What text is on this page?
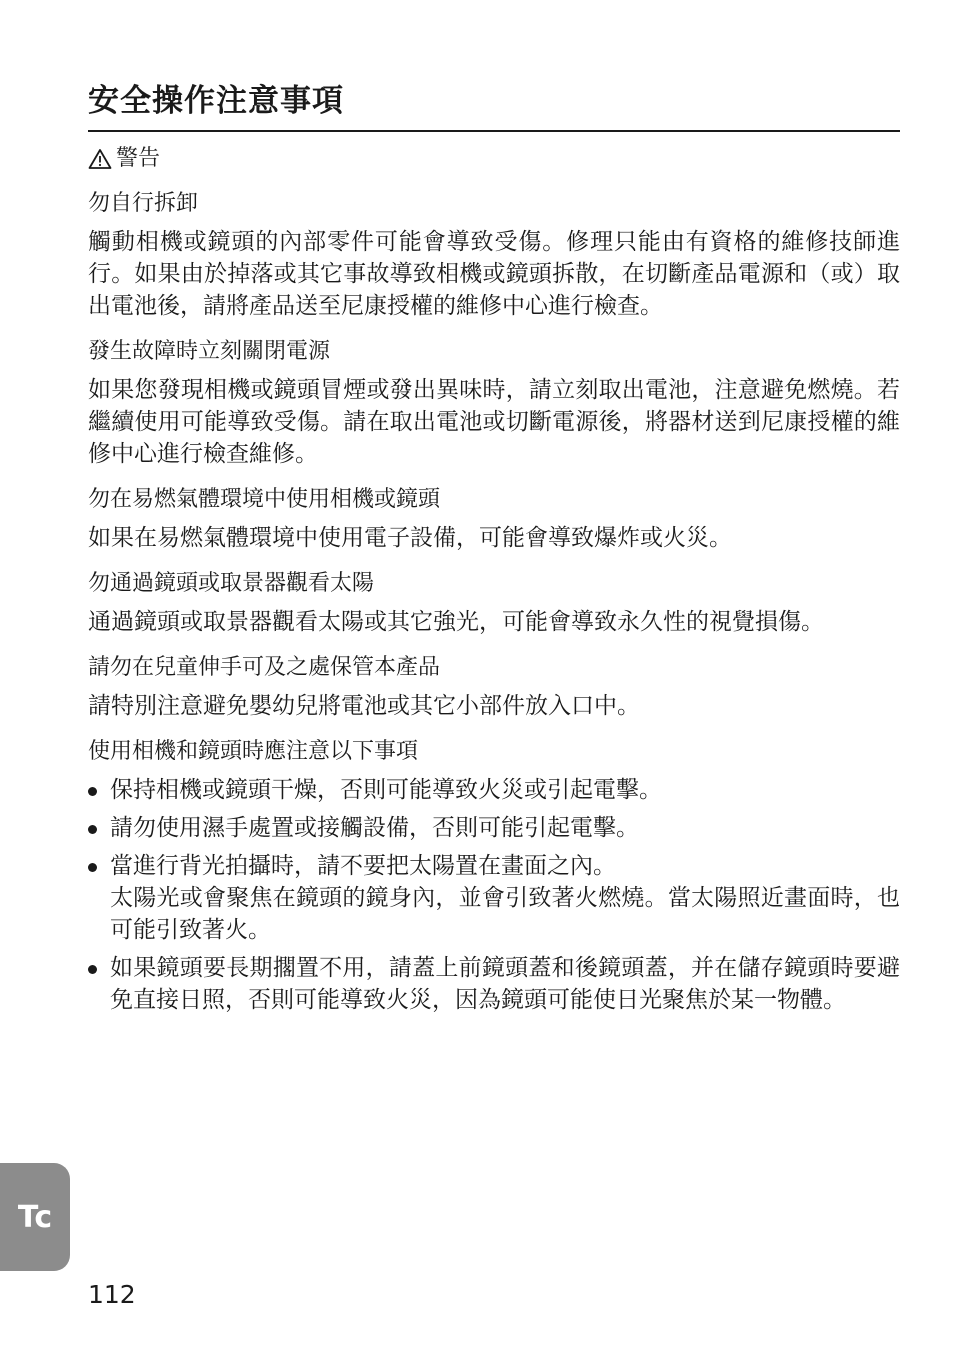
安全操作注意事項
警告
勿自行拆卸

觸動相機或鏡頭的內部零件可能會導致受傷。修理只能由有資格的維修技師進行。如果由於掉落或其它事故導致相機或鏡頭拆散，在切斷產品電源和（或）取出電池後，請將產品送至尼康授權的維修中心進行檢查。

發生故障時立刻關閉電源

如果您發現相機或鏡頭冒煙或發出異味時，請立刻取出電池，注意避免燃燒。若繼續使用可能導致受傷。請在取出電池或切斷電源後，將器材送到尼康授權的維修中心進行檢查維修。

勿在易燃氣體環境中使用相機或鏡頭

如果在易燃氣體環境中使用電子設備，可能會導致爆炸或火災。

勿通過鏡頭或取景器觀看太陽

通過鏡頭或取景器觀看太陽或其它強光，可能會導致永久性的視覺損傷。

請勿在兒童伸手可及之處保管本產品

請特別注意避免嬰幼兒將電池或其它小部件放入口中。

使用相機和鏡頭時應注意以下事項
保持相機或鏡頭干燥，否則可能導致火災或引起電擊。
請勿使用濕手處置或接觸設備，否則可能引起電擊。
當進行背光拍攝時，請不要把太陽置在畫面之內。
太陽光或會聚焦在鏡頭的鏡身內，並會引致著火燃燒。當太陽照近畫面時，也可能引致著火。
如果鏡頭要長期擱置不用，請蓋上前鏡頭蓋和後鏡頭蓋，并在儲存鏡頭時要避免直接日照，否則可能導致火災，因為鏡頭可能使日光聚焦於某一物體。
Tc
112
